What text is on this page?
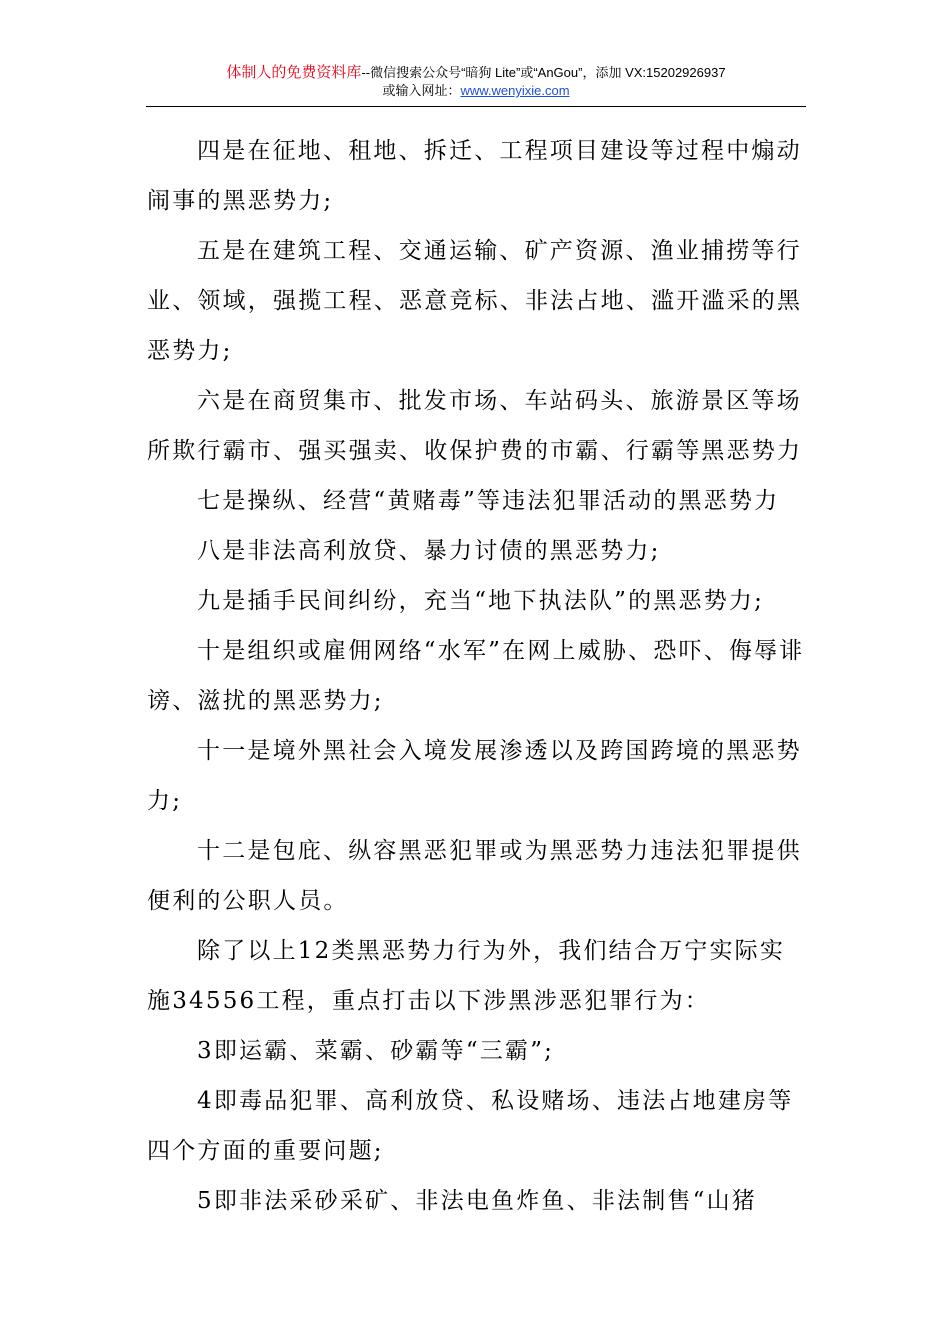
体制人的免费资料库--微信搜索公众号“暗狗 Lite”或“AnGou”，添加 VX:15202926937
或输入网址：www.wenyixie.com

四是在征地、租地、拆迁、工程项目建设等过程中煽动闹事的黑恶势力;

五是在建筑工程、交通运输、矿产资源、渔业捕捞等行业、领域，强揽工程、恶意竞标、非法占地、滥开滥采的黑恶势力;

六是在商贸集市、批发市场、车站码头、旅游景区等场所欺行霸市、强买强卖、收保护费的市霸、行霸等黑恶势力

七是操纵、经营“黄赌毒”等违法犯罪活动的黑恶势力

八是非法高利放贷、暴力讨债的黑恶势力;

九是插手民间纠纷，充当“地下执法队”的黑恶势力;

十是组织或雇佣网络“水军”在网上威胁、恐吓、侮辱诽谤、滋扰的黑恶势力;

十一是境外黑社会入境发展渗透以及跨国跨境的黑恶势力;

十二是包庇、纵容黑恶犯罪或为黑恶势力违法犯罪提供便利的公职人员。

除了以上12类黑恶势力行为外，我们结合万宁实际实施34556工程，重点打击以下涉黑涉恶犯罪行为：

3即运霸、菜霸、砂霸等“三霸”;

4即毒品犯罪、高利放贷、私设赌场、违法占地建房等四个方面的重要问题;

5即非法采砂采矿、非法电鱼炸鱼、非法制售“山猪
